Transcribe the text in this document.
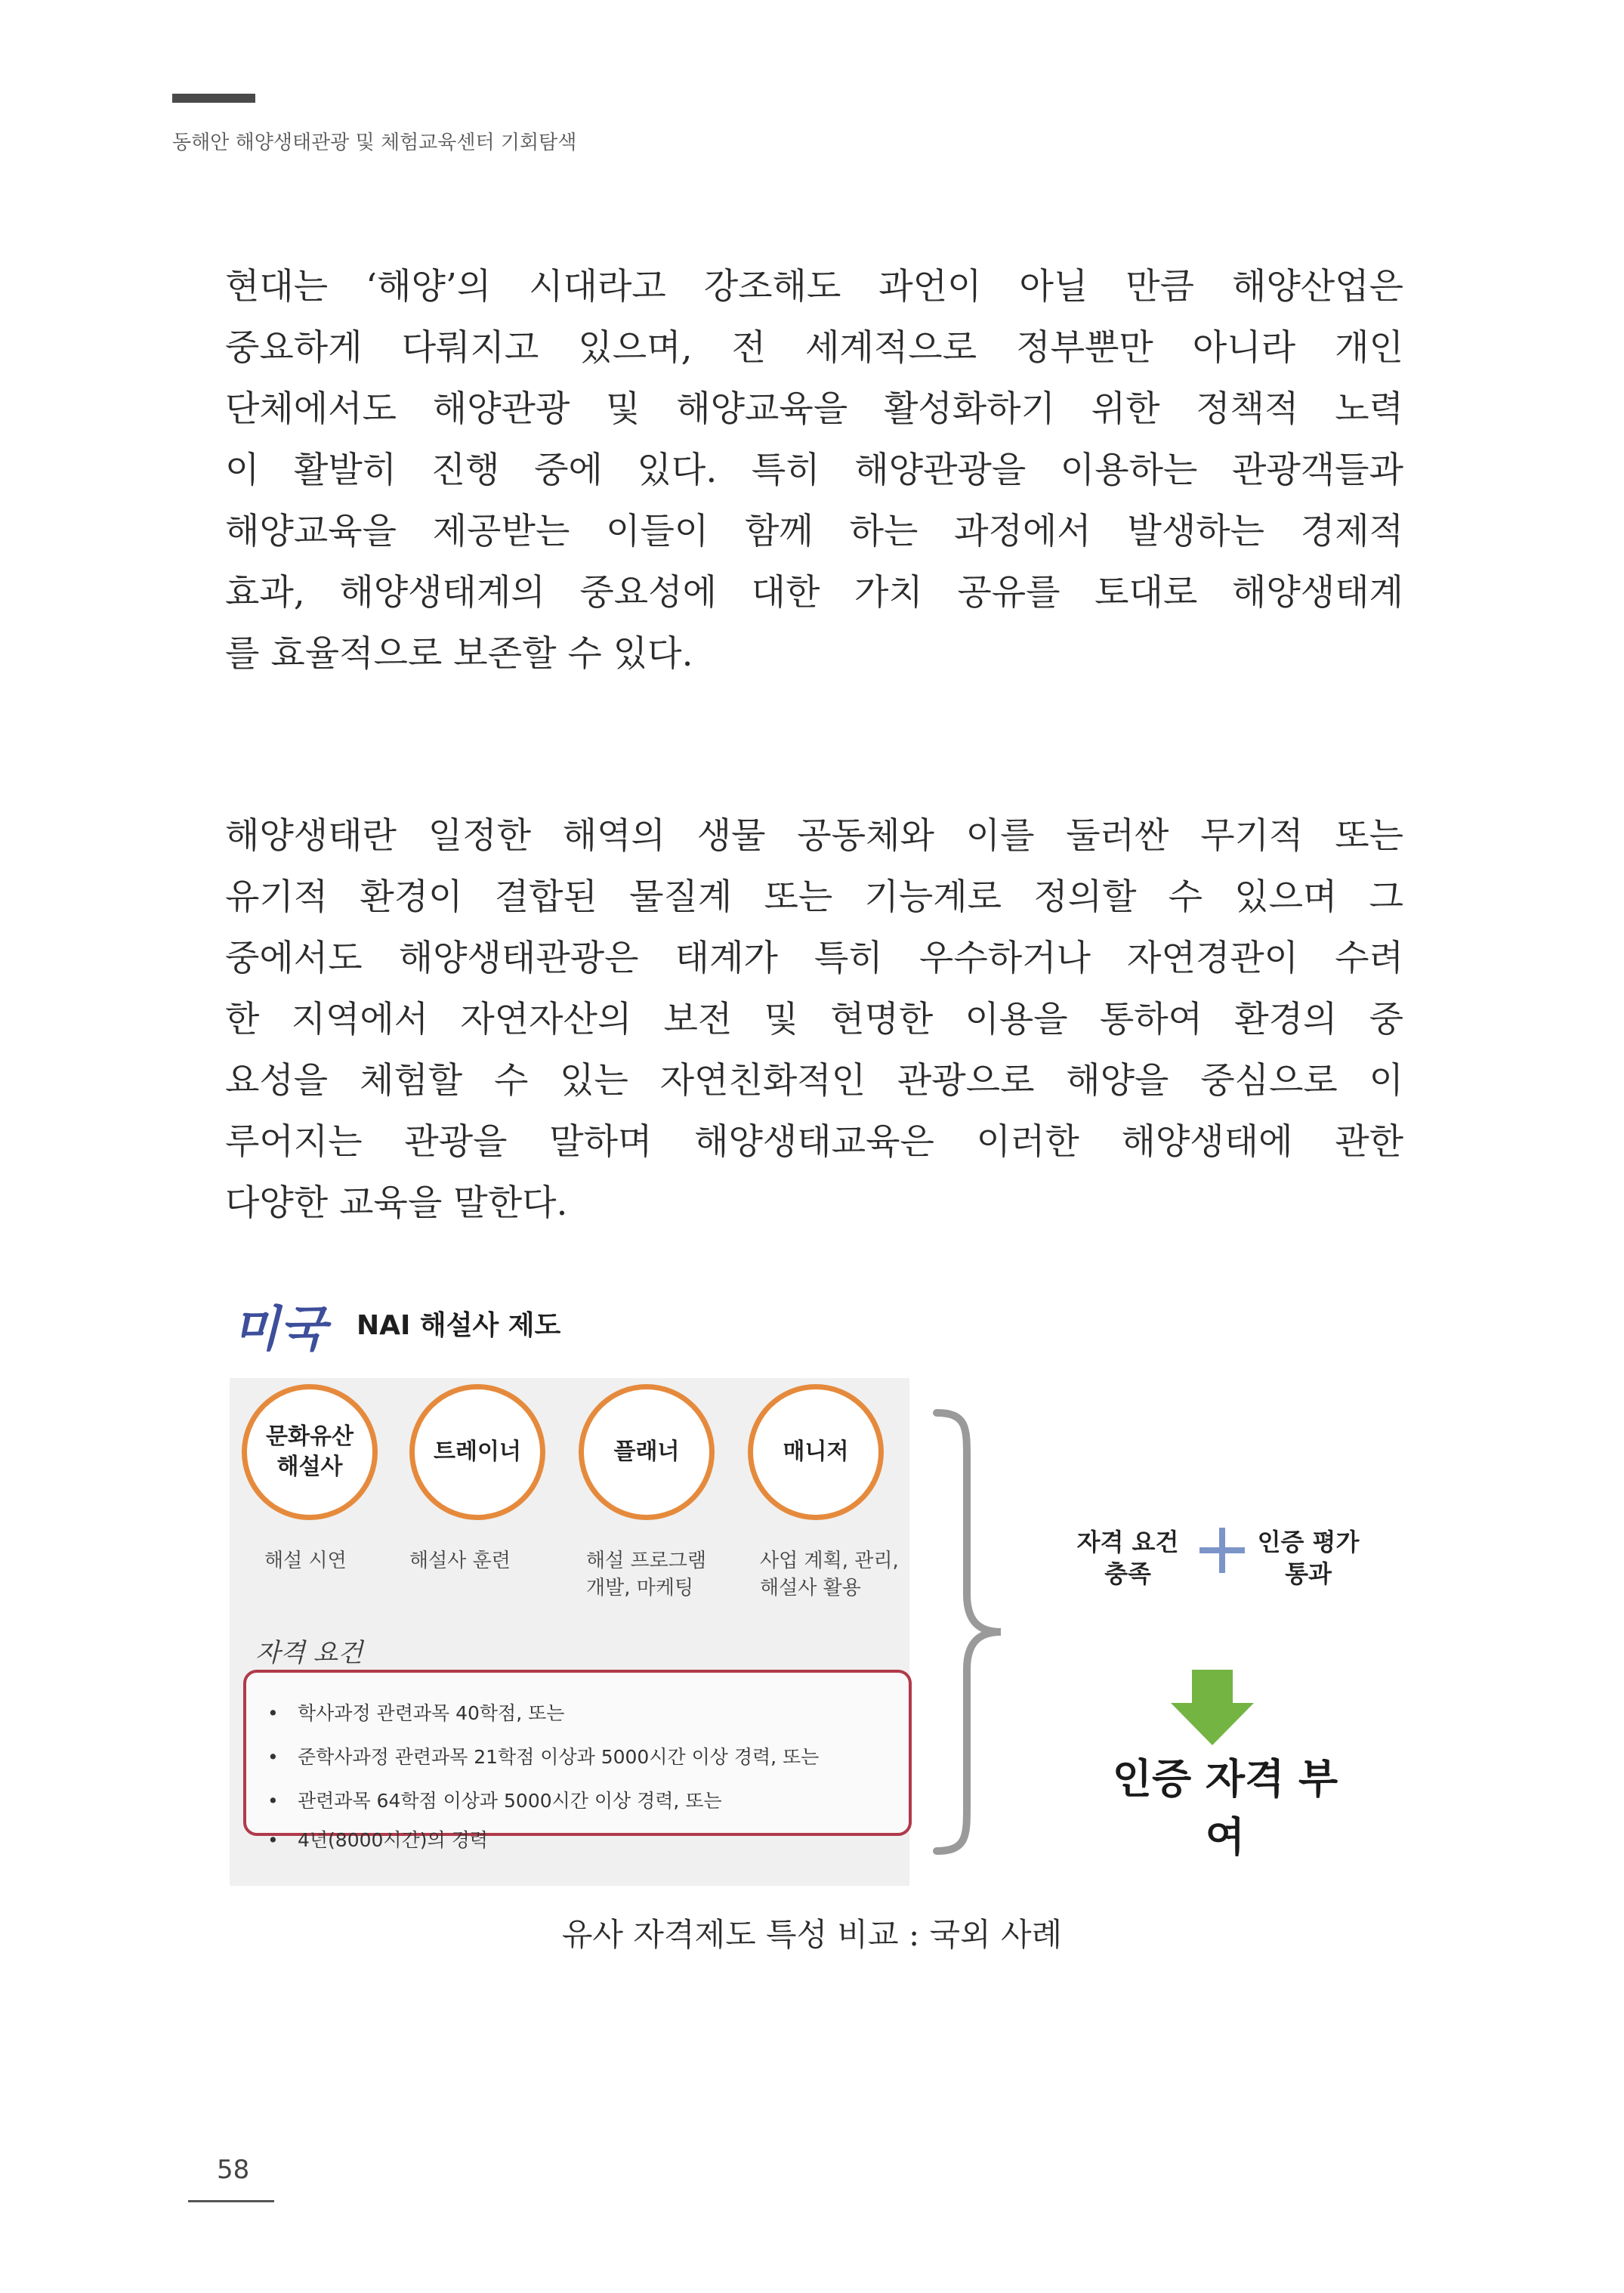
동해안 해양생태관광 및 체험교육센터 기회탐색

현대는 ‘해양’의 시대라고 강조해도 과언이 아닐 만큼 해양산업은
중요하게 다뤄지고 있으며, 전 세계적으로 정부뿐만 아니라 개인
단체에서도 해양관광 및 해양교육을 활성화하기 위한 정책적 노력
이 활발히 진행 중에 있다. 특히 해양관광을 이용하는 관광객들과
해양교육을 제공받는 이들이 함께 하는 과정에서 발생하는 경제적
효과, 해양생태계의 중요성에 대한 가치 공유를 토대로 해양생태계
를 효율적으로 보존할 수 있다.

해양생태란 일정한 해역의 생물 공동체와 이를 둘러싼 무기적 또는
유기적 환경이 결합된 물질계 또는 기능계로 정의할 수 있으며 그
중에서도 해양생태관광은 태계가 특히 우수하거나 자연경관이 수려
한 지역에서 자연자산의 보전 및 현명한 이용을 통하여 환경의 중
요성을 체험할 수 있는 자연친화적인 관광으로 해양을 중심으로 이
루어지는 관광을 말하며 해양생태교육은 이러한 해양생태에 관한
다양한 교육을 말한다.

미국 NAI 해설사 제도
문화유산
해설사
트레이너	플래너	매니저
해설 시연	해설사 훈련	해설 프로그램
개발, 마케팅
사업 계획, 관리,
해설사 활용
자격 요건
• 학사과정 관련과목 40학점, 또는
• 준학사과정 관련과목 21학점 이상과 5000시간 이상 경력, 또는
• 관련과목 64학점 이상과 5000시간 이상 경력, 또는
• 4년(8000시간)의 경력
자격 요건
충족
인증 평가
통과
인증 자격 부여
유사 자격제도 특성 비교 : 국외 사례
58
